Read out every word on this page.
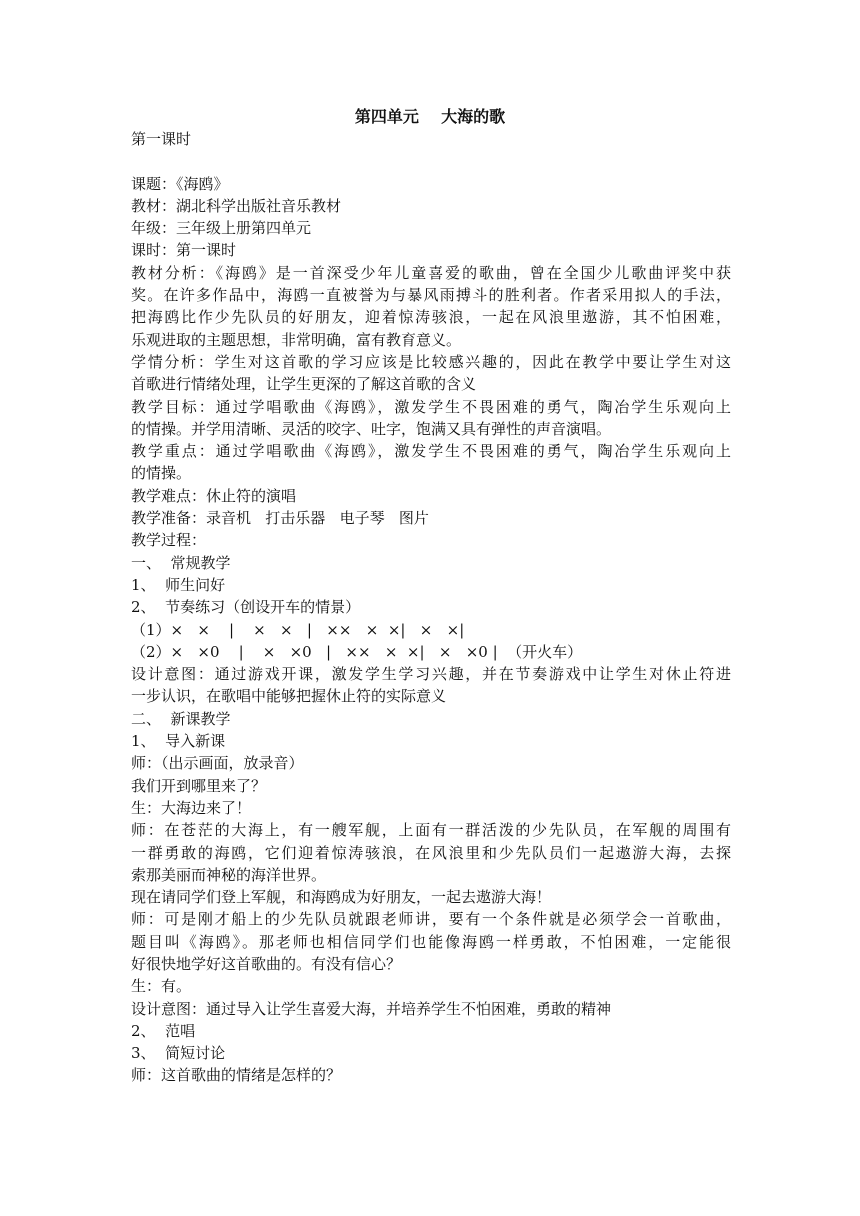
第四单元    大海的歌
第一课时
课题：《海鸥》
教材：湖北科学出版社音乐教材
年级：三年级上册第四单元
课时：第一课时
教材分析：《海鸥》是一首深受少年儿童喜爱的歌曲，曾在全国少儿歌曲评奖中获
奖。在许多作品中，海鸥一直被誉为与暴风雨搏斗的胜利者。作者采用拟人的手法，
把海鸥比作少先队员的好朋友，迎着惊涛骇浪，一起在风浪里遨游，其不怕困难，
乐观进取的主题思想，非常明确，富有教育意义。
学情分析：学生对这首歌的学习应该是比较感兴趣的，因此在教学中要让学生对这
首歌进行情绪处理，让学生更深的了解这首歌的含义
教学目标：通过学唱歌曲《海鸥》，激发学生不畏困难的勇气，陶冶学生乐观向上
的情操。并学用清晰、灵活的咬字、吐字，饱满又具有弹性的声音演唱。
教学重点：通过学唱歌曲《海鸥》，激发学生不畏困难的勇气，陶冶学生乐观向上
的情操。
教学难点：休止符的演唱
教学准备：录音机   打击乐器   电子琴   图片
教学过程：
一、  常规教学
1、  师生问好
2、  节奏练习（创设开车的情景）
（1）×   ×    |    ×   ×   |   ××   ×  ×|   ×   ×|
（2）×   ×0    |    ×   ×0   |   ××   ×  ×|   ×   ×0 |  （开火车）
设计意图：通过游戏开课，激发学生学习兴趣，并在节奏游戏中让学生对休止符进
一步认识，在歌唱中能够把握休止符的实际意义
二、  新课教学
1、  导入新课
师：（出示画面，放录音）
我们开到哪里来了？
生：大海边来了！
师：在苍茫的大海上，有一艘军舰，上面有一群活泼的少先队员，在军舰的周围有
一群勇敢的海鸥，它们迎着惊涛骇浪，在风浪里和少先队员们一起遨游大海，去探
索那美丽而神秘的海洋世界。
现在请同学们登上军舰，和海鸥成为好朋友，一起去遨游大海！
师：可是刚才船上的少先队员就跟老师讲，要有一个条件就是必须学会一首歌曲，
题目叫《海鸥》。那老师也相信同学们也能像海鸥一样勇敢，不怕困难，一定能很
好很快地学好这首歌曲的。有没有信心？
生：有。
设计意图：通过导入让学生喜爱大海，并培养学生不怕困难，勇敢的精神
2、  范唱
3、  简短讨论
师：这首歌曲的情绪是怎样的？
